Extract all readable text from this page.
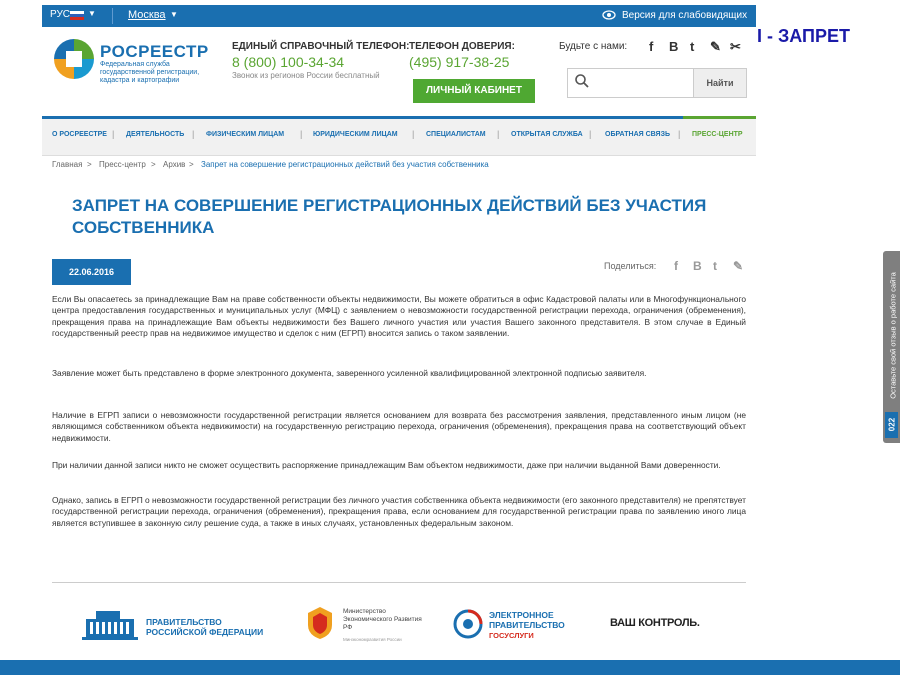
РУС ▼	Москва ▼	Версия для слабовидящих
РОСРЕЕСТР
Федеральная служба государственной регистрации, кадастра и картографии
ЕДИНЫЙ СПРАВОЧНЫЙ ТЕЛЕФОН:
8 (800) 100-34-34
Звонок из регионов России бесплатный
ТЕЛЕФОН ДОВЕРИЯ:
(495) 917-38-25
ЛИЧНЫЙ КАБИНЕТ
Будьте с нами: f B t ✎ ✂
Найти
О РОСРЕЕСТРЕ | ДЕЯТЕЛЬНОСТЬ | ФИЗИЧЕСКИМ ЛИЦАМ | ЮРИДИЧЕСКИМ ЛИЦАМ | СПЕЦИАЛИСТАМ | ОТКРЫТАЯ СЛУЖБА | ОБРАТНАЯ СВЯЗЬ | ПРЕСС-ЦЕНТР
Главная > Пресс-центр > Архив > Запрет на совершение регистрационных действий без участия собственника
ЗАПРЕТ НА СОВЕРШЕНИЕ РЕГИСТРАЦИОННЫХ ДЕЙСТВИЙ БЕЗ УЧАСТИЯ СОБСТВЕННИКА
22.06.2016
Поделиться: f B t ✎

Если Вы опасаетесь за принадлежащие Вам на праве собственности объекты недвижимости, Вы можете обратиться в офис Кадастровой палаты или в Многофункционального центра предоставления государственных и муниципальных услуг (МФЦ) с заявлением о невозможности государственной регистрации перехода, ограничения (обременения), прекращения права на принадлежащие Вам объекты недвижимости без Вашего личного участия или участия Вашего законного представителя. В этом случае в Единый государственный реестр прав на недвижимое имущество и сделок с ним (ЕГРП) вносится запись о таком заявлении.

Заявление может быть представлено в форме электронного документа, заверенного усиленной квалифицированной электронной подписью заявителя.

Наличие в ЕГРП записи о невозможности государственной регистрации является основанием для возврата без рассмотрения заявления, представленного иным лицом (не являющимся собственником объекта недвижимости) на государственную регистрацию перехода, ограничения (обременения), прекращения права на соответствующий объект недвижимости.

При наличии данной записи никто не сможет осуществить распоряжение принадлежащим Вам объектом недвижимости, даже при наличии выданной Вами доверенности.

Однако, запись в ЕГРП о невозможности государственной регистрации без личного участия собственника объекта недвижимости (его законного представителя) не препятствует государственной регистрации перехода, ограничения (обременения), прекращения права, если основанием для государственной регистрации права по заявлению иного лица является вступившее в законную силу решение суда, а также в иных случаях, установленных федеральным законом.

ПРАВИТЕЛЬСТВО РОССИЙСКОЙ ФЕДЕРАЦИИ
Министерство Экономического Развития РФ
Минэкономразвития России
ЭЛЕКТРОННОЕ ПРАВИТЕЛЬСТВО
ГОСУСЛУГИ
ВАШ КОНТРОЛЬ.
I - ЗАПРЕТ
Оставьте свой отзыв о работе сайта
022
